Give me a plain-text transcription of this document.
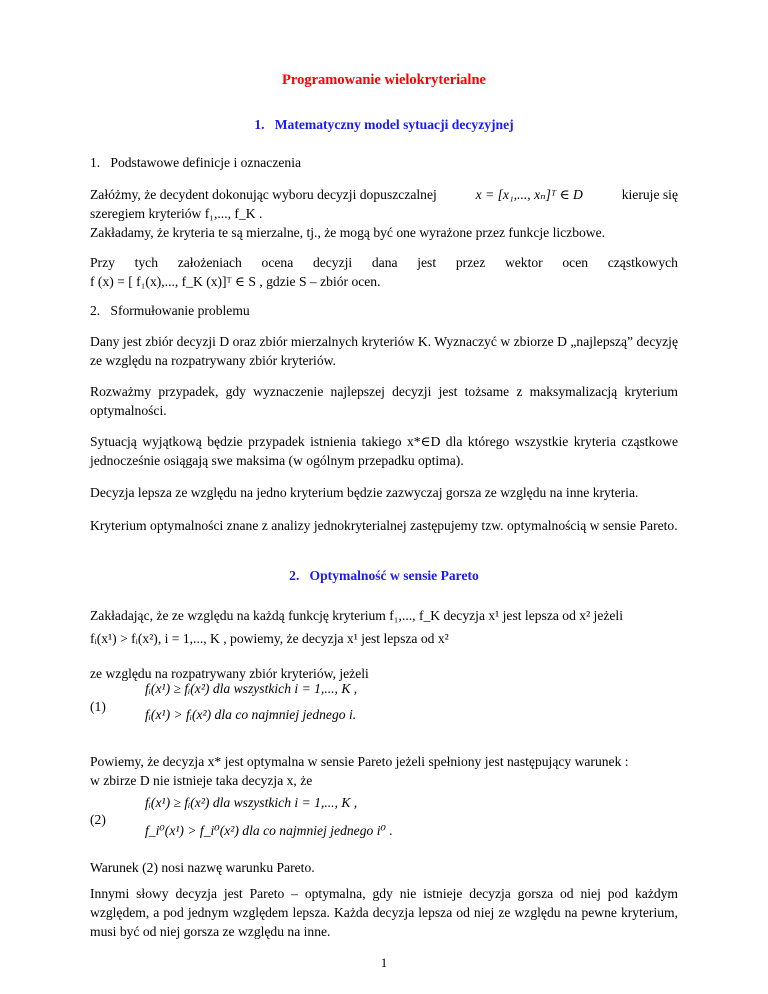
Programowanie wielokryterialne
1.   Matematyczny model sytuacji decyzyjnej
1.   Podstawowe definicje i oznaczenia
Załóżmy, że decydent dokonując wyboru decyzji dopuszczalnej	x = [x₁,..., xₙ]ᵀ ∈ D	kieruje się
szeregiem kryteriów f₁,..., f_K .
Zakładamy, że kryteria te są mierzalne, tj., że mogą być one wyrażone przez funkcje liczbowe.
Przy tych założeniach ocena decyzji dana jest przez wektor ocen cząstkowych
f (x) = [ f₁(x),..., f_K (x)]ᵀ ∈ S , gdzie S – zbiór ocen.
2.   Sformułowanie problemu
Dany jest zbiór decyzji D oraz zbiór mierzalnych kryteriów K. Wyznaczyć w zbiorze D „najlepszą” decyzję ze względu na rozpatrywany zbiór kryteriów.
Rozważmy przypadek, gdy wyznaczenie najlepszej decyzji jest tożsame z maksymalizacją kryterium optymalności.
Sytuacją wyjątkową będzie przypadek istnienia takiego x*∈D dla którego wszystkie kryteria cząstkowe jednocześnie osiągają swe maksima (w ogólnym przepadku optima).
Decyzja lepsza ze względu na jedno kryterium będzie zazwyczaj gorsza ze względu na inne kryteria.
Kryterium optymalności znane z analizy jednokryterialnej zastępujemy tzw. optymalnością w sensie Pareto.
2.   Optymalność w sensie Pareto
Zakładając, że ze względu na każdą funkcję kryterium f₁,..., f_K decyzja x¹ jest lepsza od x² jeżeli
fᵢ(x¹) > fᵢ(x²), i = 1,..., K , powiemy, że decyzja x¹ jest lepsza od x²
ze względu na rozpatrywany zbiór kryteriów, jeżeli
(1)
fᵢ(x¹) ≥ fᵢ(x²) dla wszystkich i = 1,..., K ,
fᵢ(x¹) > fᵢ(x²) dla co najmniej jednego i.
Powiemy, że decyzja x* jest optymalna w sensie Pareto jeżeli spełniony jest następujący warunek :
w zbirze D nie istnieje taka decyzja x, że
(2)
fᵢ(x¹) ≥ fᵢ(x²) dla wszystkich i = 1,..., K ,
f_i⁰(x¹) > f_i⁰(x²) dla co najmniej jednego i⁰ .
Warunek (2) nosi nazwę warunku Pareto.
1
Innymi słowy decyzja jest Pareto – optymalna, gdy nie istnieje decyzja gorsza od niej pod każdym względem, a pod jednym względem lepsza. Każda decyzja lepsza od niej ze względu na pewne kryterium, musi być od niej gorsza ze względu na inne.
